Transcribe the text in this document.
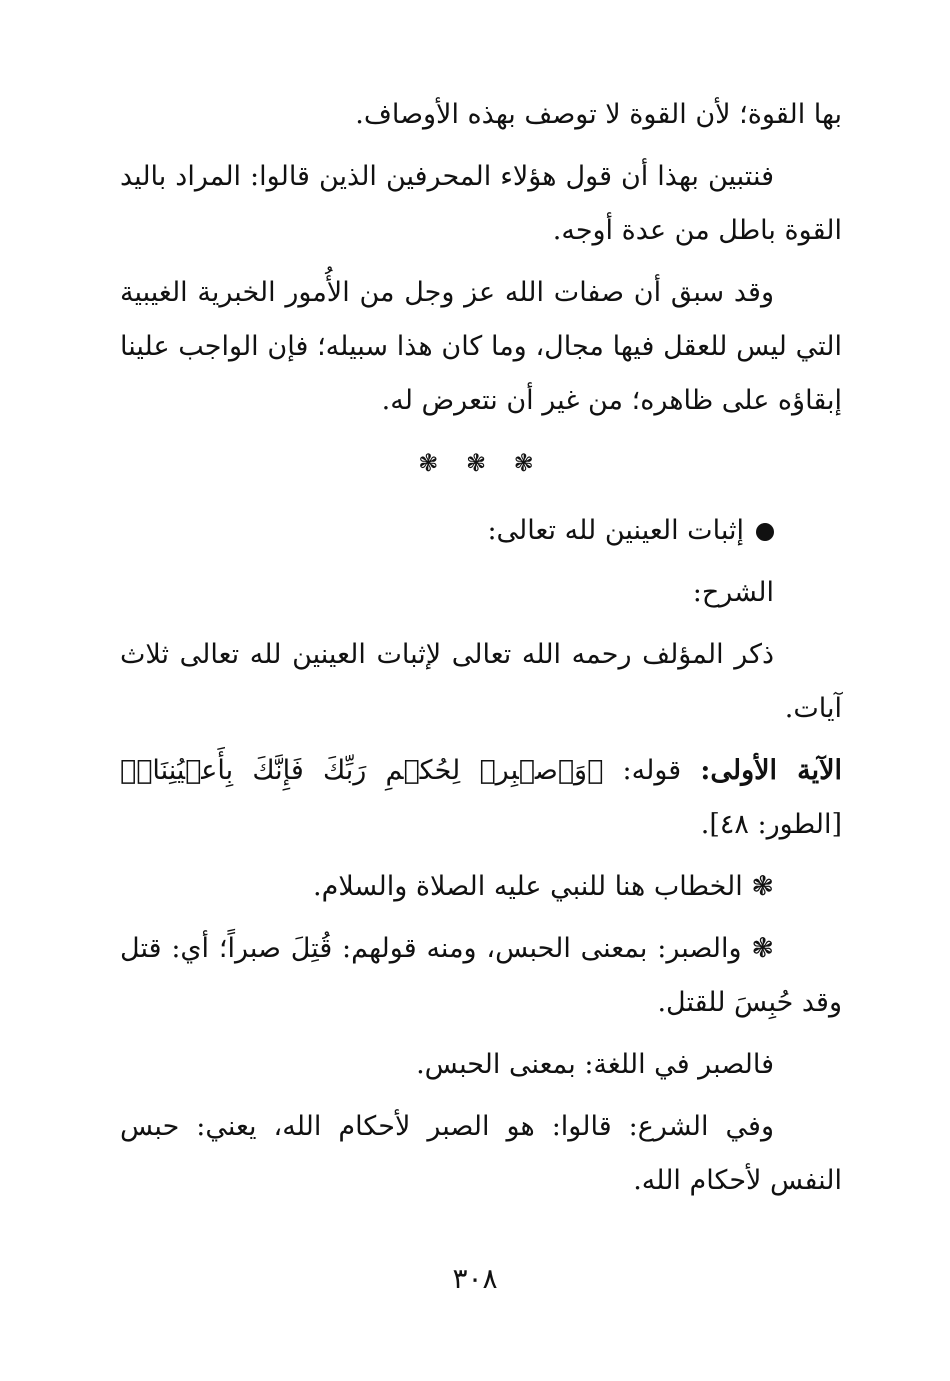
بها القوة؛ لأن القوة لا توصف بهذه الأوصاف.

فنتبين بهذا أن قول هؤلاء المحرفين الذين قالوا: المراد باليد القوة باطل من عدة أوجه.

وقد سبق أن صفات الله عز وجل من الأُمور الخبرية الغيبية التي ليس للعقل فيها مجال، وما كان هذا سبيله؛ فإن الواجب علينا إبقاؤه على ظاهره؛ من غير أن نتعرض له.

❃ ❃ ❃

إثبات العينين لله تعالى:

الشرح:

ذكر المؤلف رحمه الله تعالى لإثبات العينين لله تعالى ثلاث آيات.

الآية الأولى: قوله: ﴿وَٱصۡبِرۡ لِحُكۡمِ رَبِّكَ فَإِنَّكَ بِأَعۡيُنِنَاۖ﴾ [الطور: ٤٨].

❃ الخطاب هنا للنبي عليه الصلاة والسلام.

❃ والصبر: بمعنى الحبس، ومنه قولهم: قُتِلَ صبراً؛ أي: قتل وقد حُبِسَ للقتل.

فالصبر في اللغة: بمعنى الحبس.

وفي الشرع: قالوا: هو الصبر لأحكام الله، يعني: حبس النفس لأحكام الله.

٣٠٨
